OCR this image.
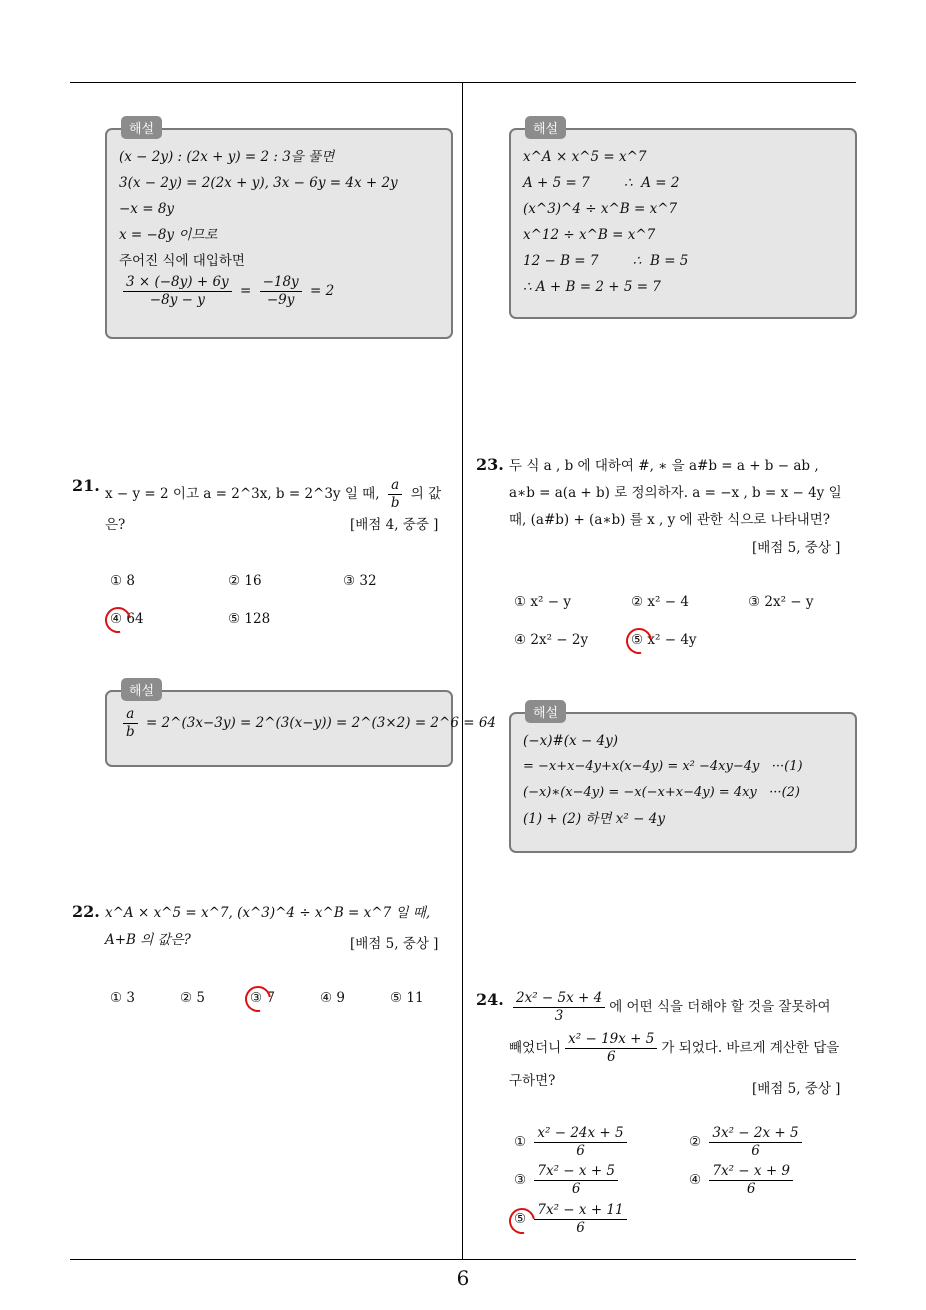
해설
(x − 2y) : (2x + y) = 2 : 3을 풀면
3(x − 2y) = 2(2x + y), 3x − 6y = 4x + 2y
−x = 8y
x = −8y 이므로
주어진 식에 대입하면
$\frac{3 \times (-8y) + 6y}{-8y - y} = \frac{-18y}{-9y} = 2$
해설
x^A × x^5 = x^7
A + 5 = 7        ∴  A = 2
(x^3)^4 ÷ x^B = x^7
x^12 ÷ x^B = x^7
12 − B = 7        ∴  B = 5
∴ A + B = 2 + 5 = 7
21. x − y = 2 이고 a = 2^3x, b = 2^3y 일 때, $\frac{a}{b}$ 의 값은?	[배점 4, 중중 ]
① 8	② 16	③ 32
④ 64	⑤ 128
해설
$\frac{a}{b}$ = 2^(3x−3y) = 2^(3(x−y)) = 2^(3×2) = 2^6 = 64
22. x^A × x^5 = x^7, (x^3)^4 ÷ x^B = x^7 일 때, A+B 의 값은?	[배점 5, 중상 ]
① 3	② 5	③ 7	④ 9	⑤ 11
23. 두 식 a , b 에 대하여 #, ∗ 을 a#b = a + b − ab ,
a∗b = a(a + b) 로 정의하자. a = −x , b = x − 4y 일
때, (a#b) + (a∗b) 를 x , y 에 관한 식으로 나타내면?
[배점 5, 중상 ]
① x² − y	② x² − 4	③ 2x² − y
④ 2x² − 2y	⑤ x² − 4y
해설
(−x)#(x − 4y)
= −x+x−4y+x(x−4y) = x² −4xy−4y   ···(1)
(−x)∗(x−4y) = −x(−x+x−4y) = 4xy   ···(2)
(1) + (2) 하면 x² − 4y
24. $\frac{\text{2x² − 5x + 4}}{3}$ 에 어떤 식을 더해야 할 것을 잘못하여
빼었더니 $\frac{\text{x² − 19x + 5}}{6}$ 가 되었다. 바르게 계산한 답을
구하면?	[배점 5, 중상 ]
① $\frac{\text{x² − 24x + 5}}{6}$	② $\frac{\text{3x² − 2x + 5}}{6}$
③ $\frac{\text{7x² − x + 5}}{6}$	④ $\frac{\text{7x² − x + 9}}{6}$
⑤ $\frac{\text{7x² − x + 11}}{6}$
6
